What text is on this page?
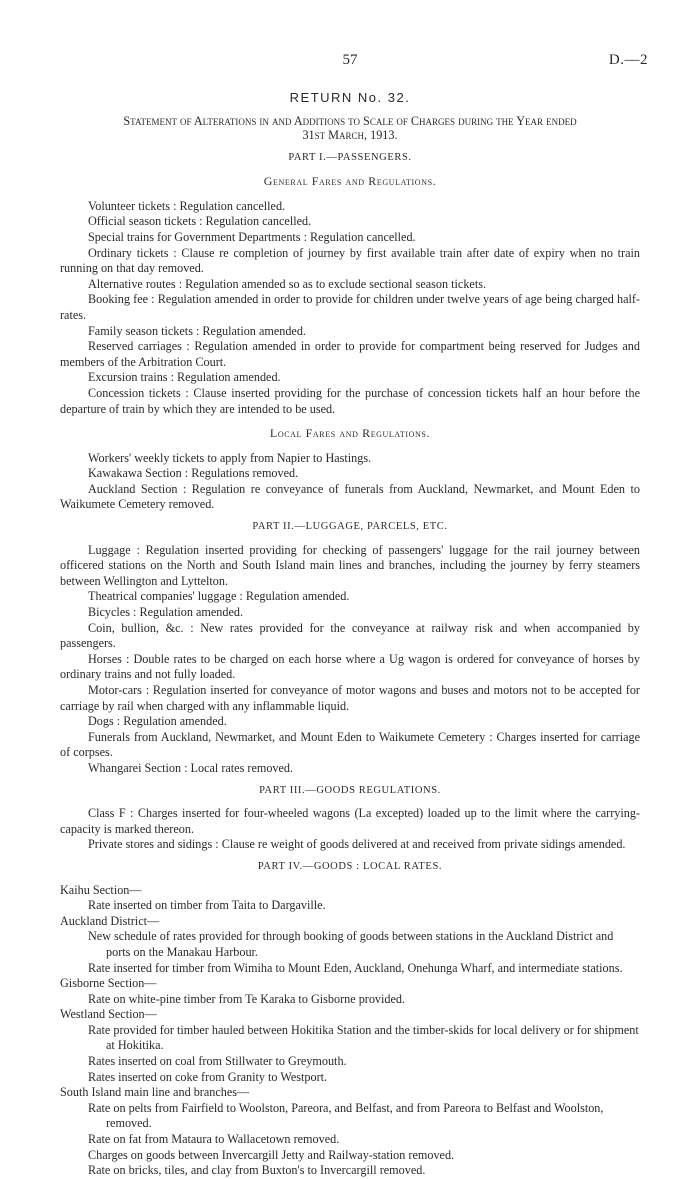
57	D.—2
RETURN No. 32.
Statement of Alterations in and Additions to Scale of Charges during the Year ended
31st March, 1913.
PART I.—PASSENGERS.
General Fares and Regulations.

Volunteer tickets : Regulation cancelled.

Official season tickets : Regulation cancelled.

Special trains for Government Departments : Regulation cancelled.

Ordinary tickets : Clause re completion of journey by first available train after date of expiry when no train running on that day removed.

Alternative routes : Regulation amended so as to exclude sectional season tickets.

Booking fee : Regulation amended in order to provide for children under twelve years of age being charged half-rates.

Family season tickets : Regulation amended.

Reserved carriages : Regulation amended in order to provide for compartment being reserved for Judges and members of the Arbitration Court.

Excursion trains : Regulation amended.

Concession tickets : Clause inserted providing for the purchase of concession tickets half an hour before the departure of train by which they are intended to be used.

Local Fares and Regulations.

Workers' weekly tickets to apply from Napier to Hastings.

Kawakawa Section : Regulations removed.

Auckland Section : Regulation re conveyance of funerals from Auckland, Newmarket, and Mount Eden to Waikumete Cemetery removed.

PART II.—LUGGAGE, PARCELS, ETC.

Luggage : Regulation inserted providing for checking of passengers' luggage for the rail journey between officered stations on the North and South Island main lines and branches, including the journey by ferry steamers between Wellington and Lyttelton.

Theatrical companies' luggage : Regulation amended.

Bicycles : Regulation amended.

Coin, bullion, &c. : New rates provided for the conveyance at railway risk and when accompanied by passengers.

Horses : Double rates to be charged on each horse where a Ug wagon is ordered for conveyance of horses by ordinary trains and not fully loaded.

Motor-cars : Regulation inserted for conveyance of motor wagons and buses and motors not to be accepted for carriage by rail when charged with any inflammable liquid.

Dogs : Regulation amended.

Funerals from Auckland, Newmarket, and Mount Eden to Waikumete Cemetery : Charges inserted for carriage of corpses.

Whangarei Section : Local rates removed.

PART III.—GOODS REGULATIONS.

Class F : Charges inserted for four-wheeled wagons (La excepted) loaded up to the limit where the carrying-capacity is marked thereon.

Private stores and sidings : Clause re weight of goods delivered at and received from private sidings amended.

PART IV.—GOODS : LOCAL RATES.

Kaihu Section—

Rate inserted on timber from Taita to Dargaville.

Auckland District—

New schedule of rates provided for through booking of goods between stations in the Auckland District and ports on the Manakau Harbour.

Rate inserted for timber from Wimiha to Mount Eden, Auckland, Onehunga Wharf, and intermediate stations.

Gisborne Section—

Rate on white-pine timber from Te Karaka to Gisborne provided.

Westland Section—

Rate provided for timber hauled between Hokitika Station and the timber-skids for local delivery or for shipment at Hokitika.

Rates inserted on coal from Stillwater to Greymouth.

Rates inserted on coke from Granity to Westport.

South Island main line and branches—

Rate on pelts from Fairfield to Woolston, Pareora, and Belfast, and from Pareora to Belfast and Woolston, removed.

Rate on fat from Mataura to Wallacetown removed.

Charges on goods between Invercargill Jetty and Railway-station removed.

Rate on bricks, tiles, and clay from Buxton's to Invercargill removed.
